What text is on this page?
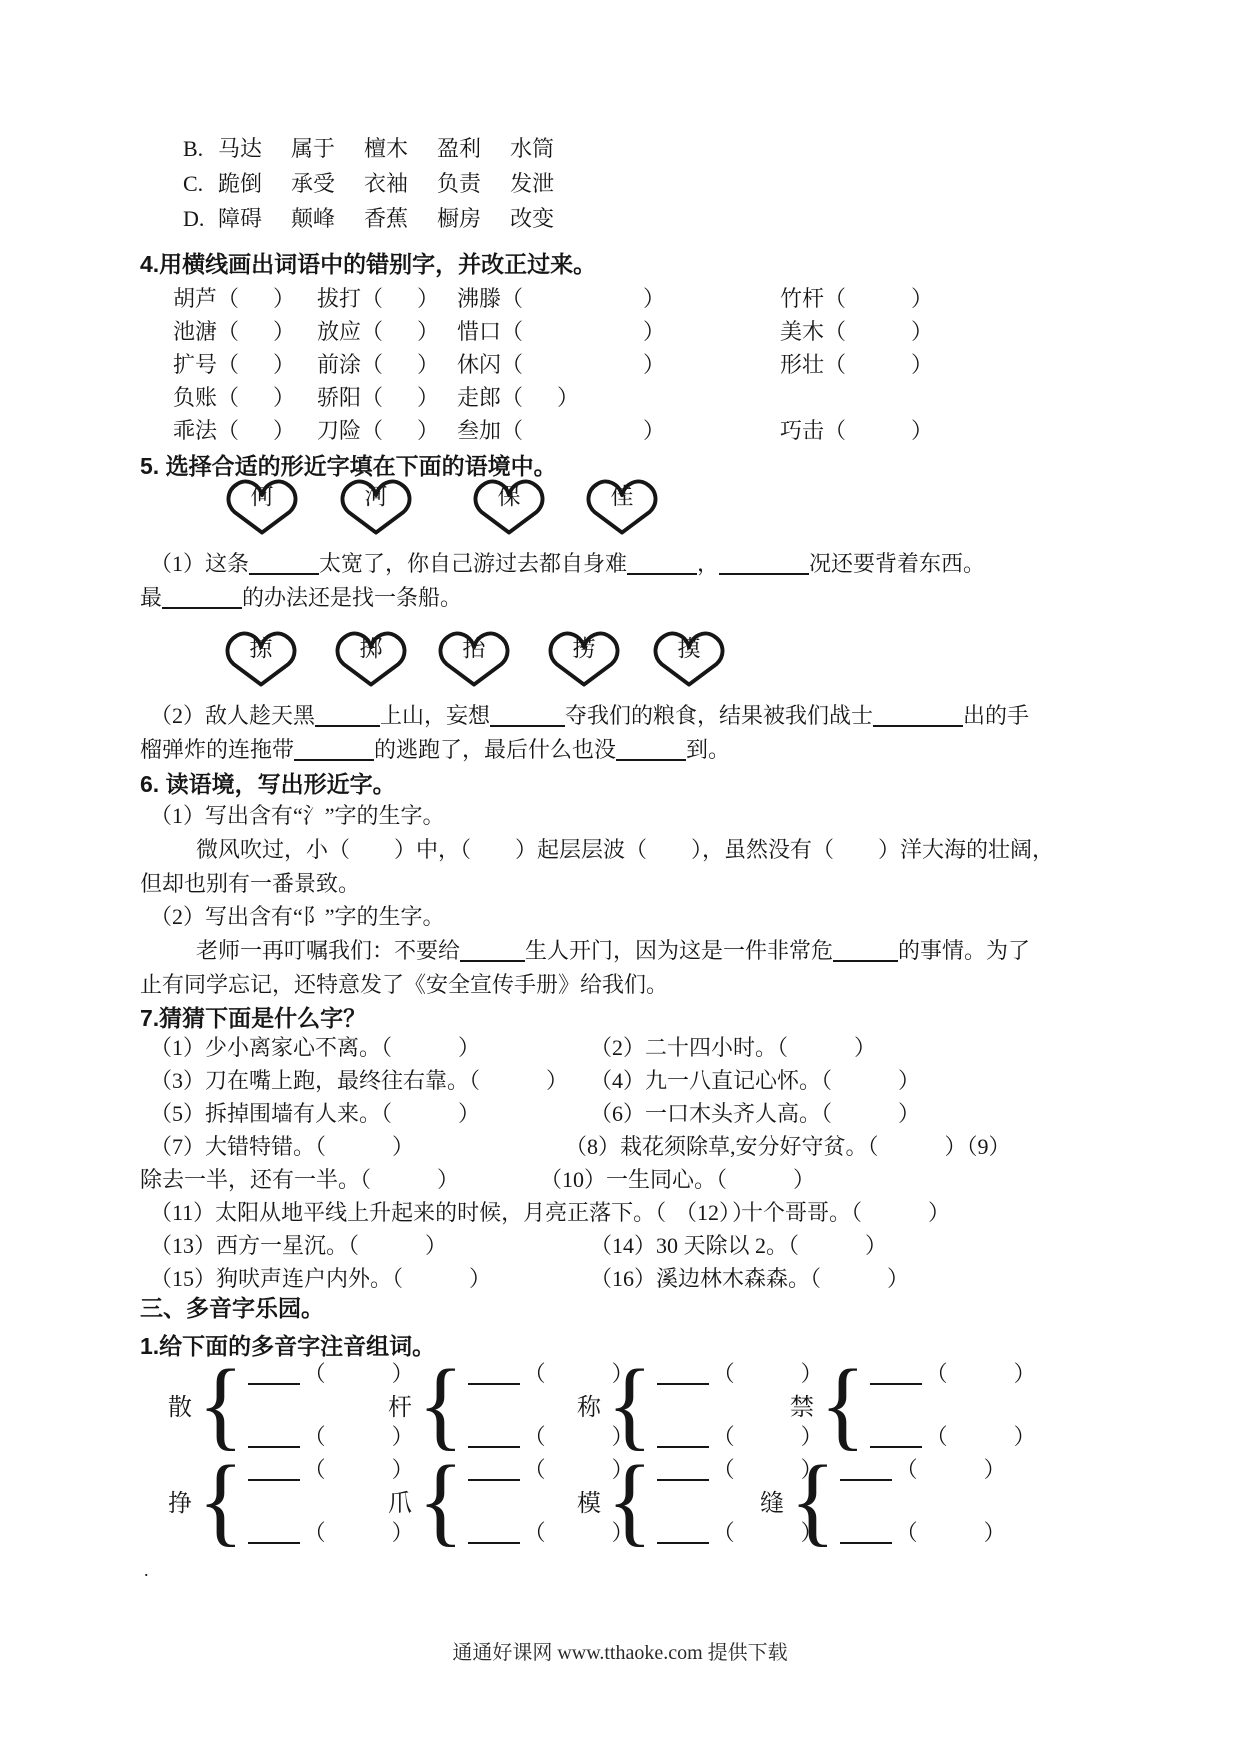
B. 马达 属于 檀木 盈利 水筒
C. 跪倒 承受 衣袖 负责 发泄
D. 障碍 颠峰 香蕉 橱房 改变
4.用横线画出词语中的错别字，并改正过来。
胡芦 （ ） 拔打 （ ） 沸滕 （	）	竹杆 （	）
池溏 （ ） 放应 （ ） 惜口 （	）	美木 （	）
扩号 （ ） 前涂 （ ） 休闪 （	）	形壮 （	）
负账 （ ） 骄阳 （ ） 走郎 （ ）
乖法 （ ） 刀险 （ ） 叁加 （	）	巧击 （	）
5. 选择合适的形近字填在下面的语境中。
何	河	保	佳
（1）这条	太宽了，你自己游过去都自身难	，	况还要背着东西。
最	的办法还是找一条船。
掠	掷	抬	捞	摸
（2）敌人趁天黑	上山，妄想	夺我们的粮食，结果被我们战士	出的手
榴弹炸的连拖带	的逃跑了，最后什么也没	到。
6. 读语境，写出形近字。
（1）写出含有“氵”字的生字。
微风吹过，小（　　）中，（　　）起层层波（　　），虽然没有（　　）洋大海的壮阔，
但却也别有一番景致。
（2）写出含有“阝”字的生字。
老师一再叮嘱我们：不要给	生人开门，因为这是一件非常危	的事情。为了
止有同学忘记，还特意发了《安全宣传手册》给我们。
7.猜猜下面是什么字？
（1）少小离家心不离。（　　　）	（2）二十四小时。（　　　）
（3）刀在嘴上跑，最终往右靠。（　　　） （4）九一八直记心怀。（　　　）
（5）拆掉围墙有人来。（　　　）	（6）一口木头齐人高。（　　　）
（7）大错特错。（　　　）	（8）栽花须除草,安分好守贫。（　　　）（9）
除去一半，还有一半。（　　　）	（10）一生同心。（　　　）
（11）太阳从地平线上升起来的时候，月亮正落下。（　　　）
（12）十个哥哥。（　　　）
（13）西方一星沉。（　　　）	（14）30 天除以 2。（　　　）
（15）狗吠声连户内外。（　　　）	（16）溪边林木森森。（　　　）
三、多音字乐园。
1.给下面的多音字注音组词。
散 {	（　　　）
（　　　）
杆 {	（　　　）
（　　　）
称 {	（　　　）
（　　　）
禁 {	（　　　）
（　　　）
挣 {	（　　　）
（　　　）
爪 {	（　　　）
（　　　）
模 {	（　　　）
（　　　）
缝 {	（　　　）
（　　　）
.
通通好课网 www.tthaoke.com 提供下载
